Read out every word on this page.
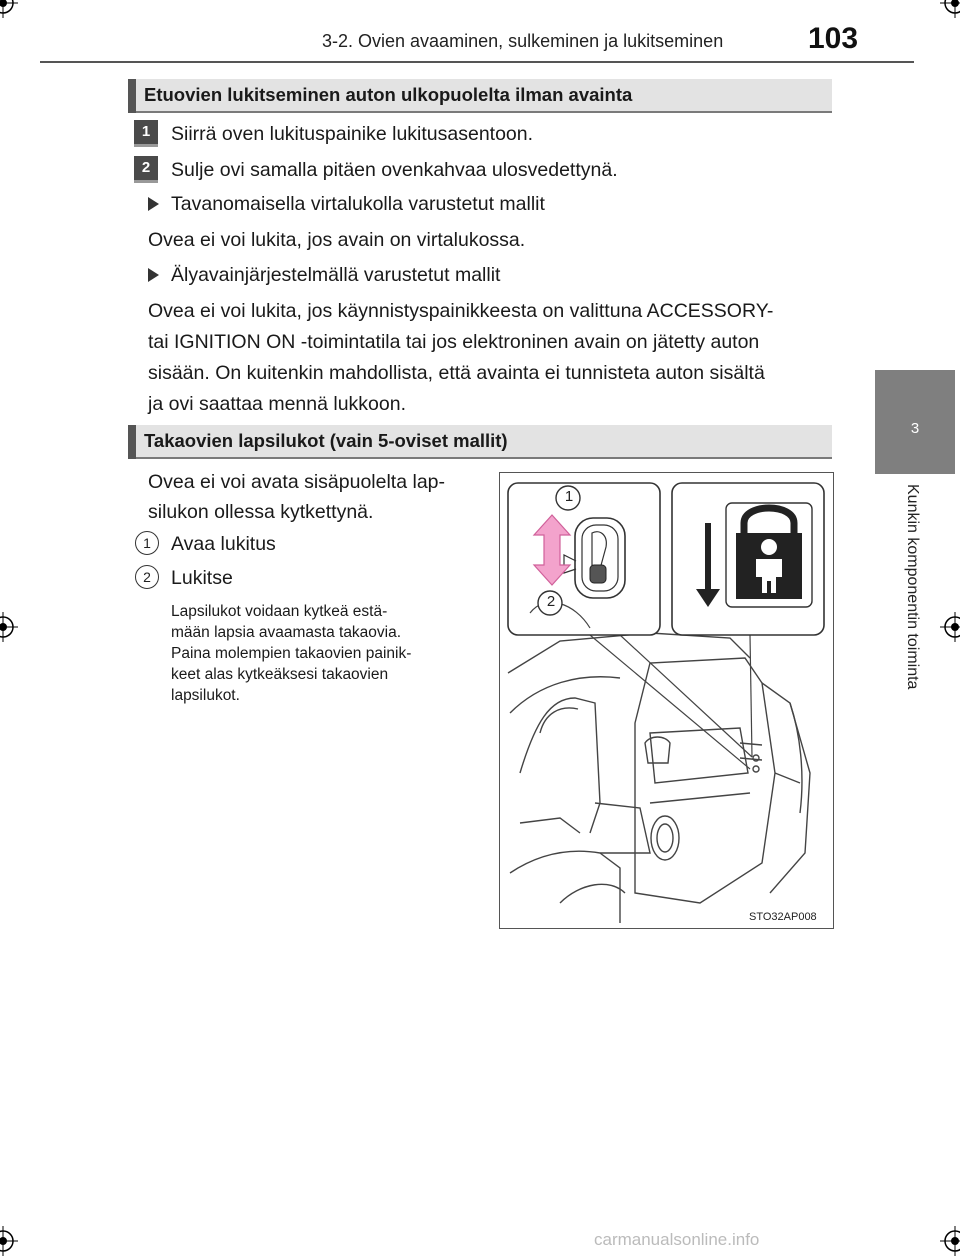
3-2. Ovien avaaminen, sulkeminen ja lukitseminen	103
3
Kunkin komponentin toiminta
Etuovien lukitseminen auton ulkopuolelta ilman avainta
1	Siirrä oven lukituspainike lukitusasentoon.
2	Sulje ovi samalla pitäen ovenkahvaa ulosvedettynä.
Tavanomaisella virtalukolla varustetut mallit
Ovea ei voi lukita, jos avain on virtalukossa.
Älyavainjärjestelmällä varustetut mallit
Ovea ei voi lukita, jos käynnistyspainikkeesta on valittuna ACCESSORY-
tai IGNITION ON -toimintatila tai jos elektroninen avain on jätetty auton
sisään. On kuitenkin mahdollista, että avainta ei tunnisteta auton sisältä
ja ovi saattaa mennä lukkoon.
Takaovien lapsilukot (vain 5-oviset mallit)
Ovea ei voi avata sisäpuolelta lap-
silukon ollessa kytkettynä.
1	Avaa lukitus
2	Lukitse
Lapsilukot voidaan kytkeä estä-
mään lapsia avaamasta takaovia.
Paina molempien takaovien painik-
keet alas kytkeäksesi takaovien
lapsilukot.
1
2
STO32AP008
carmanualsonline.info
